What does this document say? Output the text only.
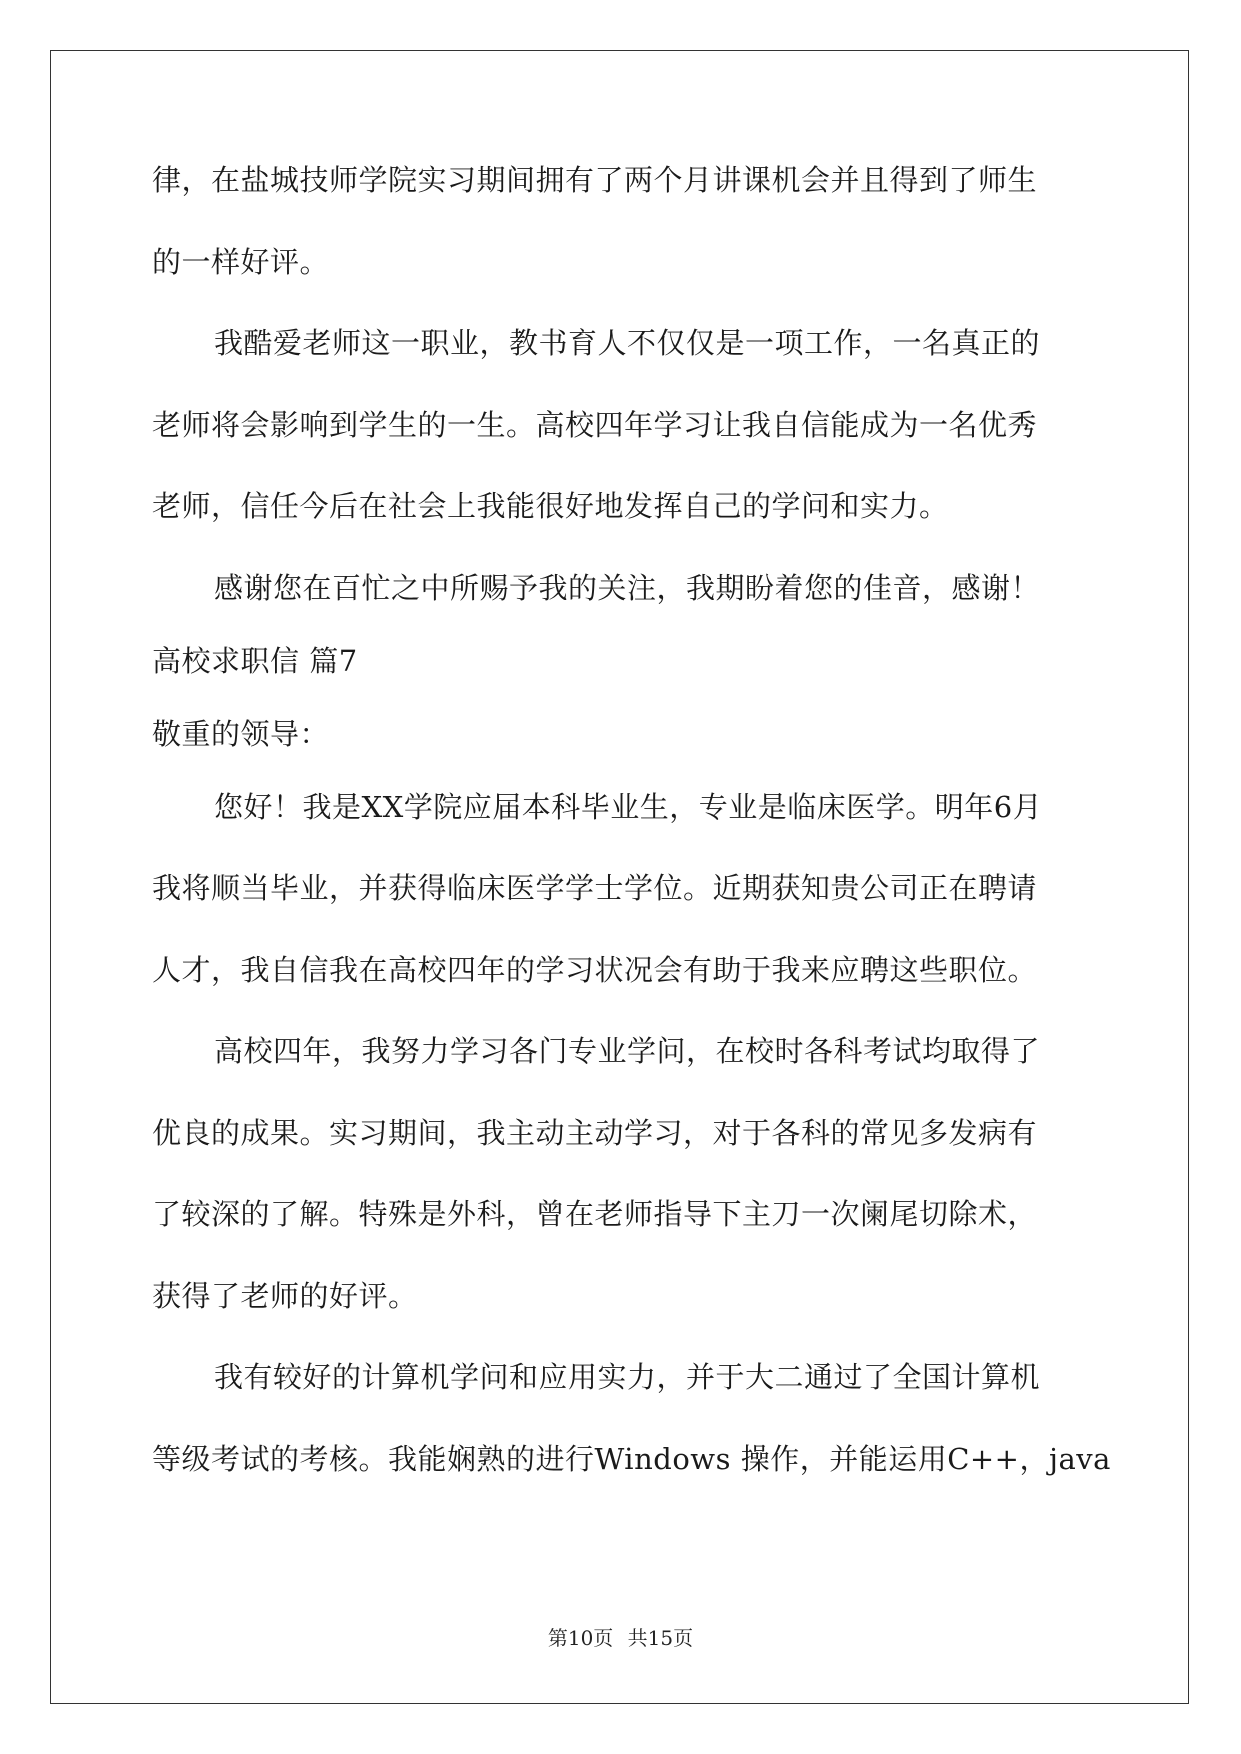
律，在盐城技师学院实习期间拥有了两个月讲课机会并且得到了师生
的一样好评。
我酷爱老师这一职业，教书育人不仅仅是一项工作，一名真正的
老师将会影响到学生的一生。高校四年学习让我自信能成为一名优秀
老师，信任今后在社会上我能很好地发挥自己的学问和实力。
感谢您在百忙之中所赐予我的关注，我期盼着您的佳音，感谢！
高校求职信 篇7
敬重的领导：
您好！我是XX学院应届本科毕业生，专业是临床医学。明年6月
我将顺当毕业，并获得临床医学学士学位。近期获知贵公司正在聘请
人才，我自信我在高校四年的学习状况会有助于我来应聘这些职位。
高校四年，我努力学习各门专业学问，在校时各科考试均取得了
优良的成果。实习期间，我主动主动学习，对于各科的常见多发病有
了较深的了解。特殊是外科，曾在老师指导下主刀一次阑尾切除术，
获得了老师的好评。
我有较好的计算机学问和应用实力，并于大二通过了全国计算机
等级考试的考核。我能娴熟的进行Windows 操作，并能运用C++，java
第10页 共15页
